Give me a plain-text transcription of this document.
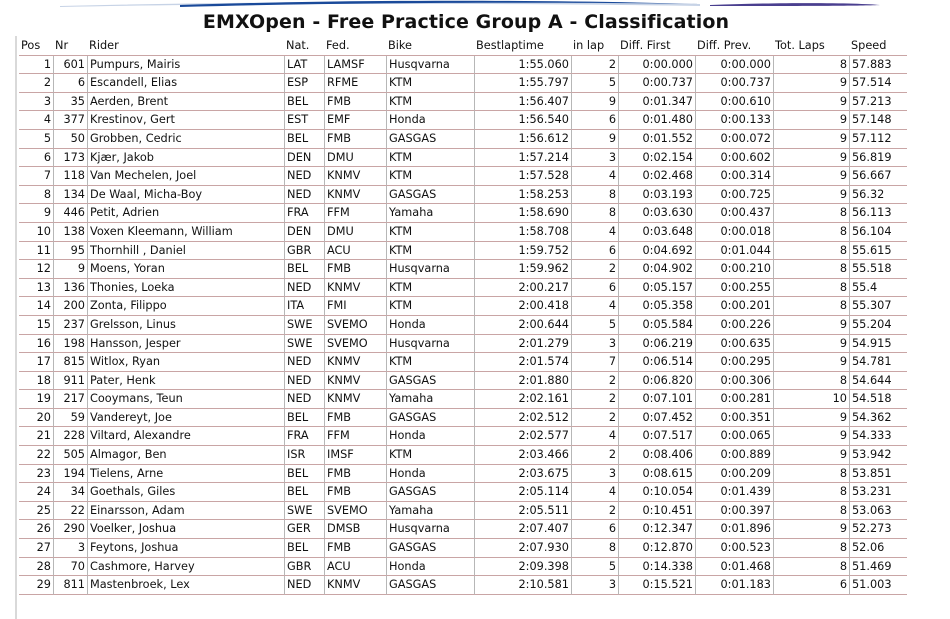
EMXOpen - Free Practice Group A - Classification
Pos	Nr	Rider	Nat.	Fed.	Bike	Bestlaptime	in lap	Diff. First	Diff. Prev.	Tot. Laps	Speed
1	601	Pumpurs, Mairis	LAT	LAMSF	Husqvarna	1:55.060	2	0:00.000	0:00.000	8	57.883
2	6	Escandell, Elias	ESP	RFME	KTM	1:55.797	5	0:00.737	0:00.737	9	57.514
3	35	Aerden, Brent	BEL	FMB	KTM	1:56.407	9	0:01.347	0:00.610	9	57.213
4	377	Krestinov, Gert	EST	EMF	Honda	1:56.540	6	0:01.480	0:00.133	9	57.148
5	50	Grobben, Cedric	BEL	FMB	GASGAS	1:56.612	9	0:01.552	0:00.072	9	57.112
6	173	Kjær, Jakob	DEN	DMU	KTM	1:57.214	3	0:02.154	0:00.602	9	56.819
7	118	Van Mechelen, Joel	NED	KNMV	KTM	1:57.528	4	0:02.468	0:00.314	9	56.667
8	134	De Waal, Micha-Boy	NED	KNMV	GASGAS	1:58.253	8	0:03.193	0:00.725	9	56.32
9	446	Petit, Adrien	FRA	FFM	Yamaha	1:58.690	8	0:03.630	0:00.437	8	56.113
10	138	Voxen Kleemann, William	DEN	DMU	KTM	1:58.708	4	0:03.648	0:00.018	8	56.104
11	95	Thornhill , Daniel	GBR	ACU	KTM	1:59.752	6	0:04.692	0:01.044	8	55.615
12	9	Moens, Yoran	BEL	FMB	Husqvarna	1:59.962	2	0:04.902	0:00.210	8	55.518
13	136	Thonies, Loeka	NED	KNMV	KTM	2:00.217	6	0:05.157	0:00.255	8	55.4
14	200	Zonta, Filippo	ITA	FMI	KTM	2:00.418	4	0:05.358	0:00.201	8	55.307
15	237	Grelsson, Linus	SWE	SVEMO	Honda	2:00.644	5	0:05.584	0:00.226	9	55.204
16	198	Hansson, Jesper	SWE	SVEMO	Husqvarna	2:01.279	3	0:06.219	0:00.635	9	54.915
17	815	Witlox, Ryan	NED	KNMV	KTM	2:01.574	7	0:06.514	0:00.295	9	54.781
18	911	Pater, Henk	NED	KNMV	GASGAS	2:01.880	2	0:06.820	0:00.306	8	54.644
19	217	Cooymans, Teun	NED	KNMV	Yamaha	2:02.161	2	0:07.101	0:00.281	10	54.518
20	59	Vandereyt, Joe	BEL	FMB	GASGAS	2:02.512	2	0:07.452	0:00.351	9	54.362
21	228	Viltard, Alexandre	FRA	FFM	Honda	2:02.577	4	0:07.517	0:00.065	9	54.333
22	505	Almagor, Ben	ISR	IMSF	KTM	2:03.466	2	0:08.406	0:00.889	9	53.942
23	194	Tielens, Arne	BEL	FMB	Honda	2:03.675	3	0:08.615	0:00.209	8	53.851
24	34	Goethals, Giles	BEL	FMB	GASGAS	2:05.114	4	0:10.054	0:01.439	8	53.231
25	22	Einarsson, Adam	SWE	SVEMO	Yamaha	2:05.511	2	0:10.451	0:00.397	8	53.063
26	290	Voelker, Joshua	GER	DMSB	Husqvarna	2:07.407	6	0:12.347	0:01.896	9	52.273
27	3	Feytons, Joshua	BEL	FMB	GASGAS	2:07.930	8	0:12.870	0:00.523	8	52.06
28	70	Cashmore, Harvey	GBR	ACU	Honda	2:09.398	5	0:14.338	0:01.468	8	51.469
29	811	Mastenbroek, Lex	NED	KNMV	GASGAS	2:10.581	3	0:15.521	0:01.183	6	51.003
